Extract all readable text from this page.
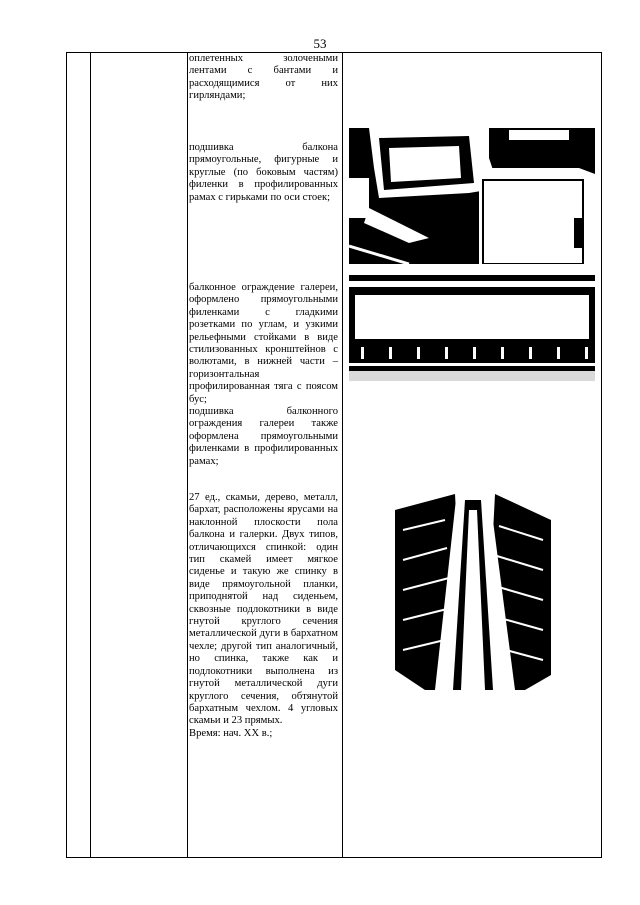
53

оплетенных золочеными лентами с бантами и расходящимися от них гирляндами;

подшивка балкона прямоугольные, фигурные и круглые (по боковым частям) филенки в профилированных рамах с гирьками по оси стоек;

балконное ограждение галереи, оформлено прямоугольными филенками с гладкими розетками по углам, и узкими рельефными стойками в виде стилизованных кронштейнов с волютами, в нижней части – горизонтальная профилированная тяга с поясом бус;

подшивка балконного ограждения галереи также оформлена прямоугольными филенками в профилированных рамах;

27 ед., скамьи, дерево, металл, бархат, расположены ярусами на наклонной плоскости пола балкона и галерки. Двух типов, отличающихся спинкой: один тип скамей имеет мягкое сиденье и такую же спинку в виде прямоугольной планки, приподнятой над сиденьем, сквозные подлокотники в виде гнутой круглого сечения металлической дуги в бархатном чехле; другой тип аналогичный, но спинка, также как и подлокотники выполнена из гнутой металлической дуги круглого сечения, обтянутой бархатным чехлом. 4 угловых скамьи и 23 прямых.

Время: нач. XX в.;
